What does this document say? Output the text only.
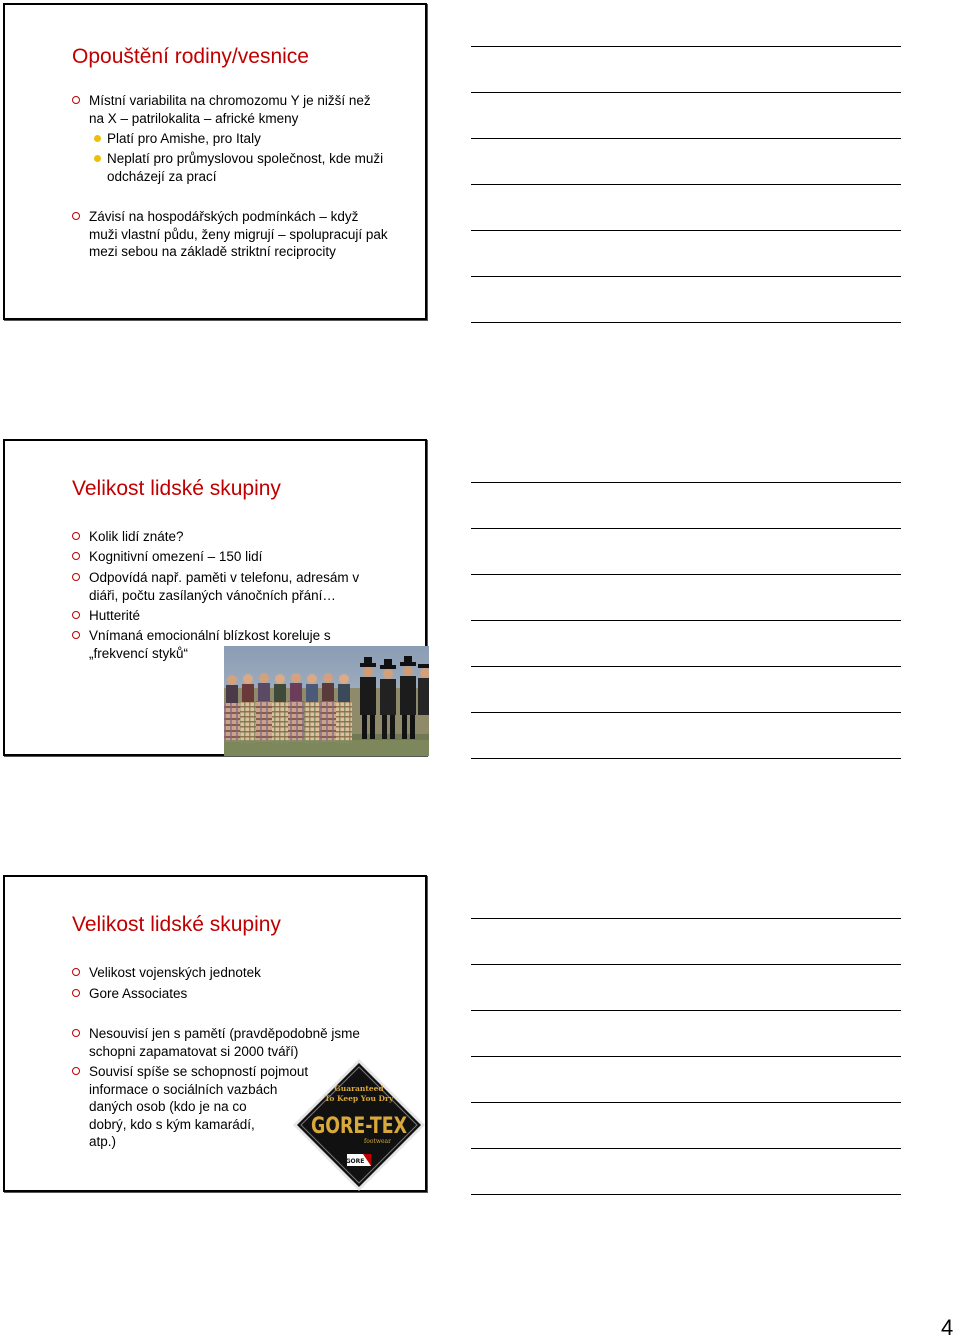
Opouštění rodiny/vesnice
Místní variabilita na chromozomu Y je nižší než
na X – patrilokalita – africké kmeny
Platí pro Amishe, pro Italy
Neplatí pro průmyslovou společnost, kde muži
odcházejí za prací
Závisí na hospodářských podmínkách – když
muži vlastní půdu, ženy migrují – spolupracují pak
mezi sebou na základě striktní reciprocity
Velikost lidské skupiny
Kolik lidí znáte?
Kognitivní omezení – 150 lidí
Odpovídá např. paměti v telefonu, adresám v
diáři, počtu zasílaných vánočních přání…
Hutterité
Vnímaná emocionální blízkost koreluje s
„frekvencí styků“
Velikost lidské skupiny
Velikost vojenských jednotek
Gore Associates
Nesouvisí jen s pamětí (pravděpodobně jsme
schopni zapamatovat si 2000 tváří)
Souvisí spíše se schopností pojmout
informace o sociálních vazbách
daných osob (kdo je na co
dobrý, kdo s kým kamarádí,
atp.)
Guaranteed
To Keep You Dry
GORE-TEX
footwear
GORE
4
